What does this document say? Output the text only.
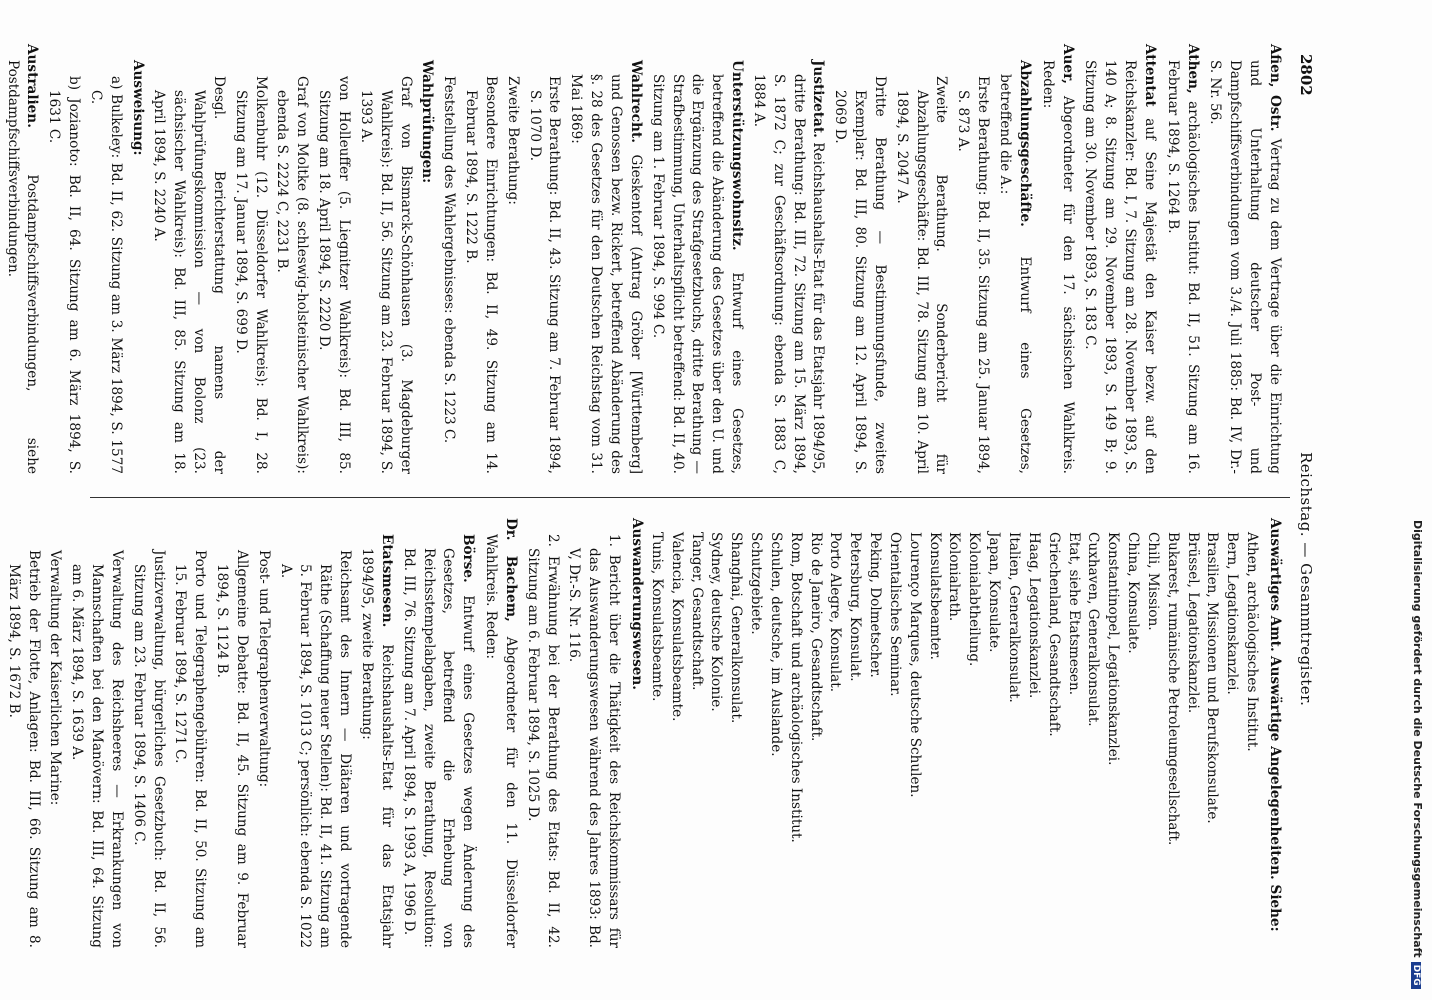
2802
Reichstag. — Gesammtregister.

Afien, Ostr. Vertrag zu dem Vertrage über die Einrichtung und Unterhaltung deutscher Post- und Dampfschiffsverbindungen vom 3./4. Juli 1885: Bd. IV, Dr.-S. Nr. 56.

Athen, archäologisches Institut: Bd. II, 51. Sitzung am 16. Februar 1894, S. 1264 B.

Attentat auf Seine Majestät den Kaiser bezw. auf den Reichskanzler: Bd. I, 7. Sitzung am 28. November 1893, S. 140 A; 8. Sitzung am 29. November 1893, S. 149 B; 9. Sitzung am 30. November 1893, S. 183 C.

Auer, Abgeordneter für den 17. sächsischen Wahlkreis. Reden:

Abzahlungsgeschäfte. Entwurf eines Gesetzes, betreffend die A.:

Erste Berathung: Bd. II, 35. Sitzung am 25. Januar 1894, S. 873 A.

Zweite Berathung. Sonderbericht für Abzahlungsgeschäfte: Bd. III, 78. Sitzung am 10. April 1894, S. 2047 A.

Dritte Berathung — Bestimmungsfunde, zweites Exemplar: Bd. III, 80. Sitzung am 12. April 1894, S. 2069 D.

Justizetat. Reichshaushalts-Etat für das Etatsjahr 1894/95, dritte Berathung: Bd. III, 72. Sitzung am 15. März 1894, S. 1872 C; zur Geschäftsordnung: ebenda S. 1883 C, 1884 A.

Unterstützungswohnsitz. Entwurf eines Gesetzes, betreffend die Abänderung des Gesetzes über den U. und die Ergänzung des Strafgesetzbuchs, dritte Berathung — Strafbestimmung, Unterhaltspflicht betreffend: Bd. II, 40. Sitzung am 1. Februar 1894, S. 994 C.

Wahlrecht. Gieskentorf (Antrag Gröber [Württemberg] und Genossen bezw. Rickert, betreffend Abänderung des §. 28 des Gesetzes für den Deutschen Reichstag vom 31. Mai 1869:

Erste Berathung: Bd. II, 43. Sitzung am 7. Februar 1894, S. 1070 D.

Zweite Berathung:

Besondere Einrichtungen: Bd. II, 49. Sitzung am 14. Februar 1894, S. 1222 B.

Feststellung des Wahlergebnisses: ebenda S. 1223 C.

Wahlprüfungen:

Graf von Bismarck-Schönhausen (3. Magdeburger Wahlkreis): Bd. II, 56. Sitzung am 23. Februar 1894, S. 1393 A.

von Holleuffer (5. Liegnitzer Wahlkreis): Bd. III, 85. Sitzung am 18. April 1894, S. 2220 D.

Graf von Moltke (8. schleswig-holsteinischer Wahlkreis): ebenda S. 2224 C, 2231 B.

Molkenbuhr (12. Düsseldorfer Wahlkreis): Bd. I, 28. Sitzung am 17. Januar 1894, S. 699 D.

Desgl. Berichterstattung namens der Wahlprüfungskommission — von Bolonz (23. sächsischer Wahlkreis): Bd. III, 85. Sitzung am 18. April 1894, S. 2240 A.

Ausweisung:

a) Bulkeley: Bd. II, 62. Sitzung am 3. März 1894, S. 1577 C.

b) Jozianoto: Bd. II, 64. Sitzung am 6. März 1894, S. 1631 C.

Australien. Postdampfschiffsverbindungen, siehe Postdampfschiffsverbindungen.

Auswärtiges Amt. Auswärtige Angelegenheiten. Siehe:

Athen, archäologisches Institut.

Bern, Legationskanzlei.

Brasilien, Missionen und Berufskonsulate.

Brüssel, Legationskanzlei.

Bukarest, rumänische Petroleumgesellschaft.

Chili, Mission.

China, Konsulate.

Konstantinopel, Legationskanzlei.

Cuxhaven, Generalkonsulat.

Etat, siehe Etatsmesen.

Griechenland, Gesandtschaft.

Haag, Legationskanzlei.

Italien, Generalkonsulat.

Japan, Konsulate.

Kolonialabtheilung.

Kolonialrath.

Konsulatsbeamter.

Lourenço Marques, deutsche Schulen.

Orientalisches Seminar.

Peking, Dolmetscher.

Petersburg, Konsulat.

Porto Alegre, Konsulat.

Rio de Janeiro, Gesandtschaft.

Rom, Botschaft und archäologisches Institut.

Schulen, deutsche, im Auslande.

Schutzgebiete.

Shanghai, Generalkonsulat.

Sydney, deutsche Kolonie.

Tanger, Gesandtschaft.

Valencia, Konsulatsbeamte.

Tunis, Konsulatsbeamte.

Auswanderungswesen.

1. Bericht über die Thätigkeit des Reichskommissars für das Auswanderungswesen während des Jahres 1893: Bd. V, Dr.-S. Nr. 116.

2. Erwähnung bei der Berathung des Etats: Bd. II, 42. Sitzung am 6. Februar 1894, S. 1025 D.

Dr. Bachem, Abgeordneter für den 11. Düsseldorfer Wahlkreis. Reden:

Börse. Entwurf eines Gesetzes wegen Änderung des Gesetzes, betreffend die Erhebung von Reichsstempelabgaben, zweite Berathung, Resolution: Bd. III, 76. Sitzung am 7. April 1894, S. 1993 A, 1996 D.

Etatsmesen. Reichshaushalts-Etat für das Etatsjahr 1894/95, zweite Berathung:

Reichsamt des Innern — Diätaren und vortragende Räthe (Schaffung neuer Stellen): Bd. II, 41. Sitzung am 5. Februar 1894, S. 1013 C; persönlich: ebenda S. 1022 A.

Post- und Telegraphenverwaltung:

Allgemeine Debatte: Bd. II, 45. Sitzung am 9. Februar 1894, S. 1124 B.

Porto und Telegraphengebühren: Bd. II, 50. Sitzung am 15. Februar 1894, S. 1271 C.

Justizverwaltung, bürgerliches Gesetzbuch: Bd. II, 56. Sitzung am 23. Februar 1894, S. 1406 C.

Verwaltung des Reichsheeres — Erkrankungen von Mannschaften bei den Manövern: Bd. III, 64. Sitzung am 6. März 1894, S. 1639 A.

Verwaltung der Kaiserlichen Marine:

Betrieb der Flotte, Anlagen: Bd. III, 66. Sitzung am 8. März 1894, S. 1672 B.	Digitalisierung gefördert durch die Deutsche ForschungsgemeinschaftDFG
